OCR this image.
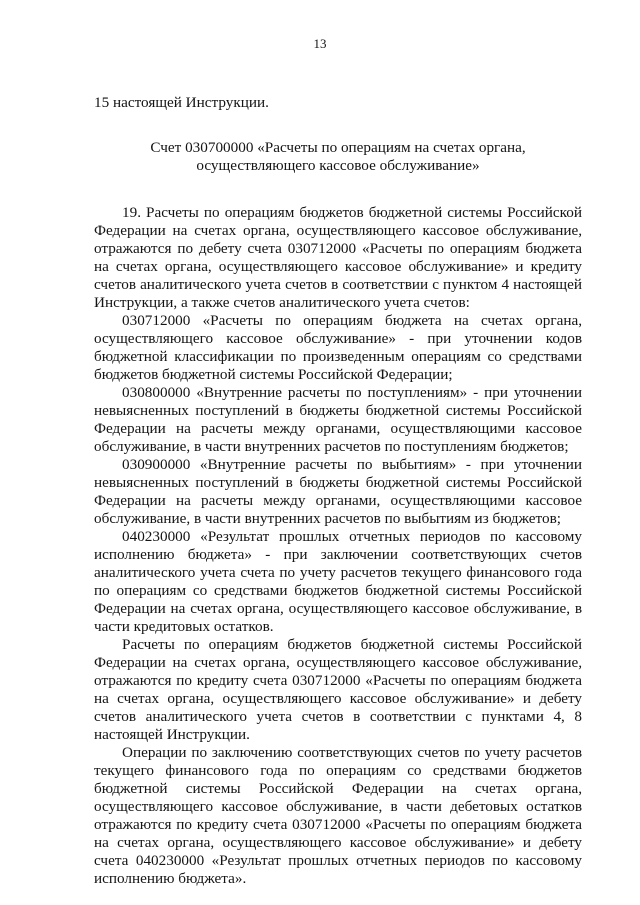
13

15 настоящей Инструкции.

Счет 030700000 «Расчеты по операциям на счетах органа,
осуществляющего кассовое обслуживание»

19. Расчеты по операциям бюджетов бюджетной системы Российской Федерации на счетах органа, осуществляющего кассовое обслуживание, отражаются по дебету счета 030712000 «Расчеты по операциям бюджета на счетах органа, осуществляющего кассовое обслуживание» и кредиту счетов аналитического учета счетов в соответствии с пунктом 4 настоящей Инструкции, а также счетов аналитического учета счетов:

030712000 «Расчеты по операциям бюджета на счетах органа, осуществляющего кассовое обслуживание» - при уточнении кодов бюджетной классификации по произведенным операциям со средствами бюджетов бюджетной системы Российской Федерации;

030800000 «Внутренние расчеты по поступлениям» - при уточнении невыясненных поступлений в бюджеты бюджетной системы Российской Федерации на расчеты между органами, осуществляющими кассовое обслуживание, в части внутренних расчетов по поступлениям бюджетов;

030900000 «Внутренние расчеты по выбытиям» - при уточнении невыясненных поступлений в бюджеты бюджетной системы Российской Федерации на расчеты между органами, осуществляющими кассовое обслуживание, в части внутренних расчетов по выбытиям из бюджетов;

040230000 «Результат прошлых отчетных периодов по кассовому исполнению бюджета» - при заключении соответствующих счетов аналитического учета счета по учету расчетов текущего финансового года по операциям со средствами бюджетов бюджетной системы Российской Федерации на счетах органа, осуществляющего кассовое обслуживание, в части кредитовых остатков.

Расчеты по операциям бюджетов бюджетной системы Российской Федерации на счетах органа, осуществляющего кассовое обслуживание, отражаются по кредиту счета 030712000 «Расчеты по операциям бюджета на счетах органа, осуществляющего кассовое обслуживание» и дебету счетов аналитического учета счетов в соответствии с пунктами 4, 8 настоящей Инструкции.

Операции по заключению соответствующих счетов по учету расчетов текущего финансового года по операциям со средствами бюджетов бюджетной системы Российской Федерации на счетах органа, осуществляющего кассовое обслуживание, в части дебетовых остатков отражаются по кредиту счета 030712000 «Расчеты по операциям бюджета на счетах органа, осуществляющего кассовое обслуживание» и дебету счета 040230000 «Результат прошлых отчетных периодов по кассовому исполнению бюджета».
